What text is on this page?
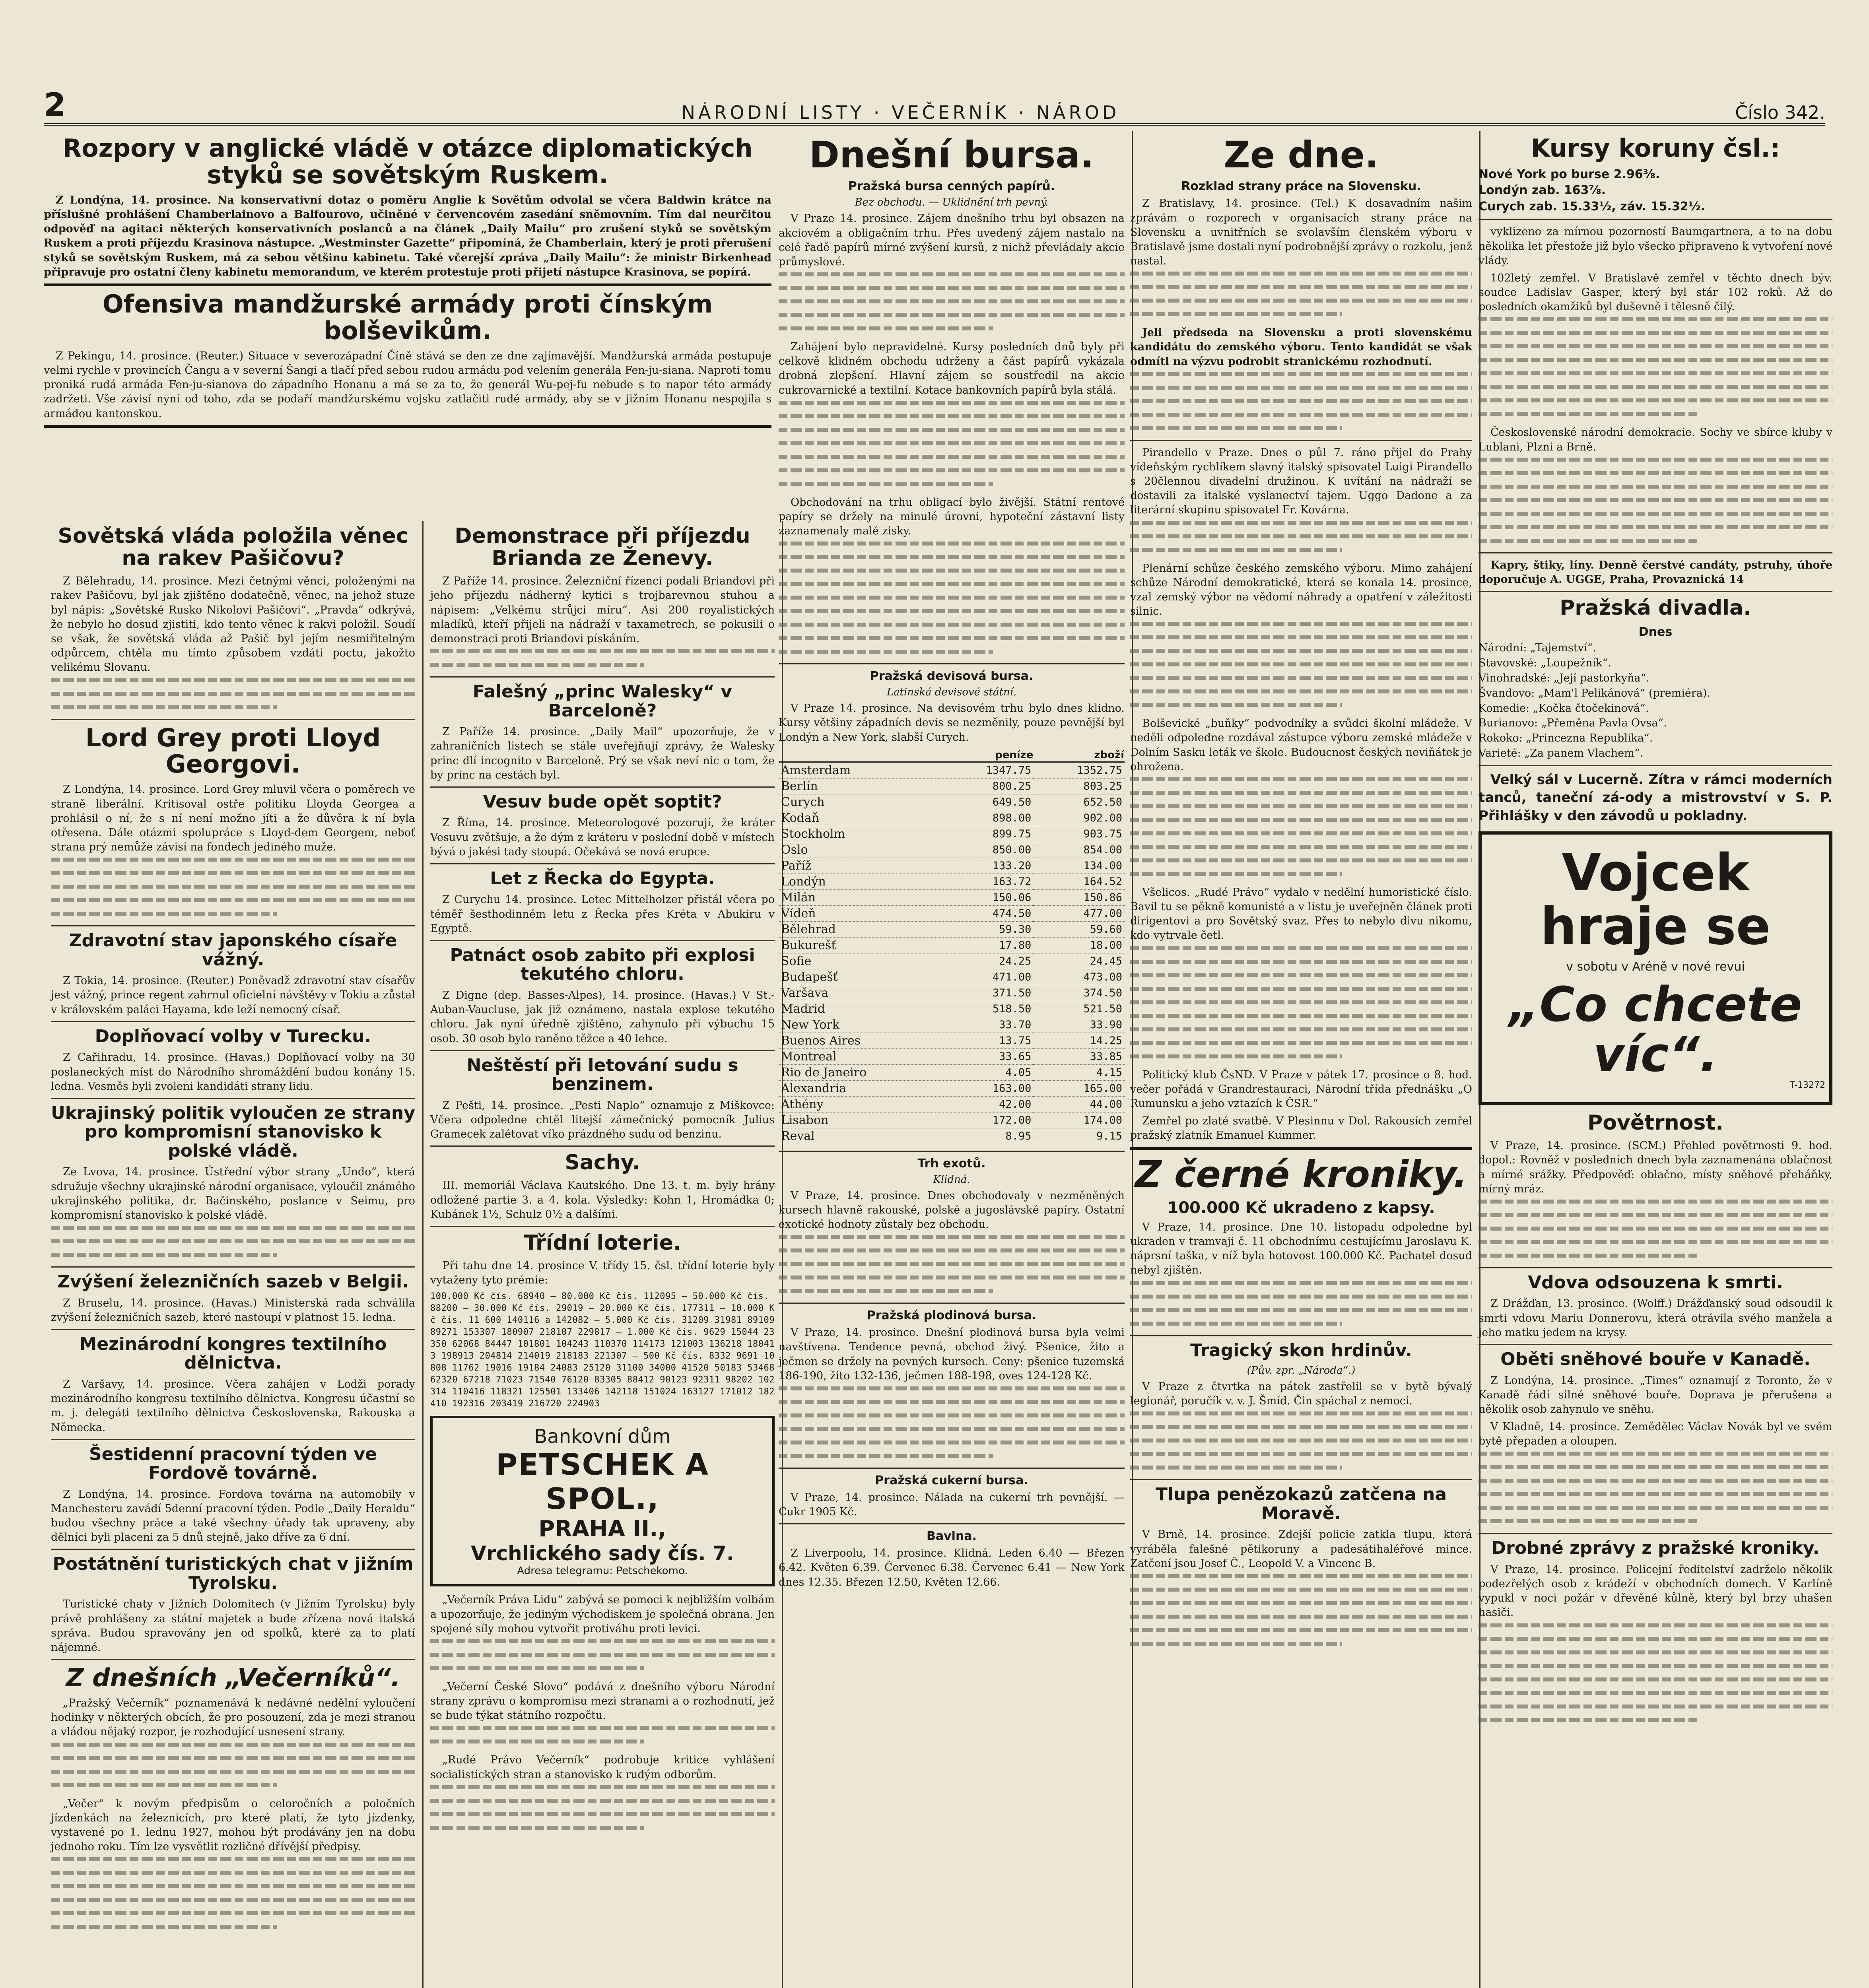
2	NÁRODNÍ LISTY · VEČERNÍK · NÁROD	Číslo 342.
Rozpory v anglické vládě v otázce diplomatických styků se sovětským Ruskem.

Z Londýna, 14. prosince. Na konservativní dotaz o poměru Anglie k Sovětům odvolal se včera Baldwin krátce na příslušné prohlášení Chamberlainovo a Balfourovo, učiněné v červencovém zasedání sněmovním. Tím dal neurčitou odpověď na agitaci některých konservativních poslanců a na článek „Daily Mailu“ pro zrušení styků se sovětským Ruskem a proti příjezdu Krasinova nástupce. „Westminster Gazette“ připomíná, že Chamberlain, který je proti přerušení styků se sovětským Ruskem, má za sebou většinu kabinetu. Také včerejší zpráva „Daily Mailu“: že ministr Birkenhead připravuje pro ostatní členy kabinetu memorandum, ve kterém protestuje proti přijetí nástupce Krasinova, se popírá.

Ofensiva mandžurské armády proti čínským bolševikům.

Z Pekingu, 14. prosince. (Reuter.) Situace v severozápadní Číně stává se den ze dne zajímavější. Mandžurská armáda postupuje velmi rychle v provincích Čangu a v severní Šangi a tlačí před sebou rudou armádu pod velením generála Fen-ju-siana. Naproti tomu proniká rudá armáda Fen-ju-sianova do západního Honanu a má se za to, že generál Wu-pej-fu nebude s to napor této armády zadržeti. Vše závisí nyní od toho, zda se podaří mandžurskému vojsku zatlačiti rudé armády, aby se v jižním Honanu nespojila s armádou kantonskou.

Sovětská vláda položila věnec na rakev Pašičovu?

Z Bělehradu, 14. prosince. Mezi četnými věnci, položenými na rakev Pašičovu, byl jak zjištěno dodatečně, věnec, na jehož stuze byl nápis: „Sovětské Rusko Nikolovi Pašičovi“. „Pravda“ odkrývá, že nebylo ho dosud zjistiti, kdo tento věnec k rakvi položil. Soudí se však, že sovětská vláda až Pašič byl jejím nesmiřitelným odpůrcem, chtěla mu tímto způsobem vzdáti poctu, jakožto velikému Slovanu.

Lord Grey proti Lloyd Georgovi.

Z Londýna, 14. prosince. Lord Grey mluvil včera o poměrech ve straně liberální. Kritisoval ostře politiku Lloyda Georgea a prohlásil o ní, že s ní není možno jíti a že důvěra k ní byla otřesena. Dále otázmi spolupráce s Lloyd-dem Georgem, neboť strana prý nemůže závisí na fondech jediného muže.

Zdravotní stav japonského císaře vážný.

Z Tokia, 14. prosince. (Reuter.) Poněvadž zdravotní stav císařův jest vážný, prince regent zahrnul oficielní návštěvy v Tokiu a zůstal v královském paláci Hayama, kde leží nemocný císař.

Doplňovací volby v Turecku.

Z Cařihradu, 14. prosince. (Havas.) Doplňovací volby na 30 poslaneckých míst do Národního shromáždění budou konány 15. ledna. Vesměs byli zvoleni kandidáti strany lidu.

Ukrajinský politik vyloučen ze strany pro kompromisní stanovisko k polské vládě.

Ze Lvova, 14. prosince. Ústřední výbor strany „Undo“, která sdružuje všechny ukrajinské národní organisace, vyloučil známého ukrajinského politika, dr. Bačinského, poslance v Seimu, pro kompromisní stanovisko k polské vládě.

Zvýšení železničních sazeb v Belgii.

Z Bruselu, 14. prosince. (Havas.) Ministerská rada schválila zvýšení železničních sazeb, které nastoupí v platnost 15. ledna.

Mezinárodní kongres textilního dělnictva.

Z Varšavy, 14. prosince. Včera zahájen v Lodži porady mezinárodního kongresu textilního dělnictva. Kongresu účastní se m. j. delegáti textilního dělnictva Československa, Rakouska a Německa.

Šestidenní pracovní týden ve Fordově továrně.

Z Londýna, 14. prosince. Fordova továrna na automobily v Manchesteru zavádí 5denní pracovní týden. Podle „Daily Heraldu“ budou všechny práce a také všechny úřady tak upraveny, aby dělníci byli placeni za 5 dnů stejně, jako dříve za 6 dní.

Postátnění turistických chat v jižním Tyrolsku.

Turistické chaty v Jižních Dolomitech (v Jižním Tyrolsku) byly právě prohlášeny za státní majetek a bude zřízena nová italská správa. Budou spravovány jen od spolků, které za to platí nájemné.

Z dnešních „Večerníků“.

„Pražský Večerník“ poznamenává k nedávné nedělní vyloučení hodinky v některých obcích, že pro posouzení, zda je mezi stranou a vládou nějaký rozpor, je rozhodující usnesení strany.

„Večer“ k novým předpisům o celoročních a poločních jízdenkách na železnicích, pro které platí, že tyto jízdenky, vystavené po 1. lednu 1927, mohou být prodávány jen na dobu jednoho roku. Tím lze vysvětlit rozličné dřívější předpisy.

Demonstrace při příjezdu Brianda ze Ženevy.

Z Paříže 14. prosince. Železniční řízenci podali Briandovi při jeho příjezdu nádherný kytici s trojbarevnou stuhou a nápisem: „Velkému strůjci míru“. Asi 200 royalistických mladíků, kteří přijeli na nádraží v taxametrech, se pokusili o demonstraci proti Briandovi pískáním.

Falešný „princ Walesky“ v Barceloně?

Z Paříže 14. prosince. „Daily Mail“ upozorňuje, že v zahraničních listech se stále uveřejňují zprávy, že Walesky princ dlí incognito v Barceloně. Prý se však neví nic o tom, že by princ na cestách byl.

Vesuv bude opět soptit?

Z Říma, 14. prosince. Meteorologové pozorují, že kráter Vesuvu zvětšuje, a že dým z kráteru v poslední době v místech bývá o jakési tady stoupá. Očekává se nová erupce.

Let z Řecka do Egypta.

Z Curychu 14. prosince. Letec Mittelholzer přistál včera po téměř šesthodinném letu z Řecka přes Kréta v Abukiru v Egyptě.

Patnáct osob zabito při explosi tekutého chloru.

Z Digne (dep. Basses-Alpes), 14. prosince. (Havas.) V St.-Auban-Vaucluse, jak již oznámeno, nastala explose tekutého chloru. Jak nyní úředně zjištěno, zahynulo při výbuchu 15 osob. 30 osob bylo raněno těžce a 40 lehce.

Neštěstí při letování sudu s benzinem.

Z Pešti, 14. prosince. „Pesti Naplo“ oznamuje z Miškovce: Včera odpoledne chtěl litejší zámečnický pomocník Julius Gramecek zalétovat víko prázdného sudu od benzinu.

Sachy.

III. memoriál Václava Kautského. Dne 13. t. m. byly hrány odložené partie 3. a 4. kola. Výsledky: Kohn 1, Hromádka 0; Kubánek 1½, Schulz 0½ a dalšími.

Třídní loterie.

Při tahu dne 14. prosince V. třídy 15. čsl. třídní loterie byly vytaženy tyto prémie:

100.000 Kč čís. 68940 — 80.000 Kč čís. 112095 — 50.000 Kč čís. 88200 — 30.000 Kč čís. 29019 — 20.000 Kč čís. 177311 — 10.000 Kč čís. 11 600 140116 a 142082 — 5.000 Kč čís. 31209 31981 89109 89271 153307 180907 218107 229817 — 1.000 Kč čís. 9629 15044 23350 62068 84447 101801 104243 110370 114173 121003 136218 180413 198913 204814 214019 218183 221307 — 500 Kč čís. 8332 9691 10808 11762 19016 19184 24083 25120 31100 34000 41520 50183 53468 62320 67218 71023 71540 76120 83305 88412 90123 92311 98202 102314 110416 118321 125501 133406 142118 151024 163127 171012 182410 192316 203419 216720 224903
Bankovní dům
PETSCHEK A SPOL.,
PRAHA II.,
Vrchlického sady čís. 7.
Adresa telegramu: Petschekomo.

„Večerník Práva Lidu“ zabývá se pomoci k nejbližším volbám a upozorňuje, že jediným východiskem je společná obrana. Jen spojené síly mohou vytvořit protiváhu proti levici.

„Večerní České Slovo“ podává z dnešního výboru Národní strany zprávu o kompromisu mezi stranami a o rozhodnutí, jež se bude týkat státního rozpočtu.

„Rudé Právo Večerník“ podrobuje kritice vyhlášení socialistických stran a stanovisko k rudým odborům.

Dnešní bursa.
Pražská bursa cenných papírů.
Bez obchodu. — Uklidnění trh pevný.

V Praze 14. prosince. Zájem dnešního trhu byl obsazen na akciovém a obligačním trhu. Přes uvedený zájem nastalo na celé řadě papírů mírné zvýšení kursů, z nichž převládaly akcie průmyslové.

Zahájení bylo nepravidelné. Kursy posledních dnů byly při celkově klidném obchodu udrženy a část papírů vykázala drobná zlepšení. Hlavní zájem se soustředil na akcie cukrovarnické a textilní. Kotace bankovních papírů byla stálá.

Obchodování na trhu obligací bylo živější. Státní rentové papíry se držely na minulé úrovni, hypoteční zástavní listy zaznamenaly malé zisky.

Pražská devisová bursa.
Latinská devisové státní.

V Praze 14. prosince. Na devisovém trhu bylo dnes klidno. Kursy většiny západních devis se nezměnily, pouze pevnější byl Londýn a New York, slabší Curych.

	peníze	zboží
Amsterdam	1347.75	1352.75
Berlín	800.25	803.25
Curych	649.50	652.50
Kodaň	898.00	902.00
Stockholm	899.75	903.75
Oslo	850.00	854.00
Paříž	133.20	134.00
Londýn	163.72	164.52
Milán	150.06	150.86
Vídeň	474.50	477.00
Bělehrad	59.30	59.60
Bukurešť	17.80	18.00
Sofie	24.25	24.45
Budapešť	471.00	473.00
Varšava	371.50	374.50
Madrid	518.50	521.50
New York	33.70	33.90
Buenos Aires	13.75	14.25
Montreal	33.65	33.85
Rio de Janeiro	4.05	4.15
Alexandria	163.00	165.00
Athény	42.00	44.00
Lisabon	172.00	174.00
Reval	8.95	9.15
Trh exotů.
Klidná.

V Praze, 14. prosince. Dnes obchodovaly v nezměněných kursech hlavně rakouské, polské a jugoslávské papíry. Ostatní exotické hodnoty zůstaly bez obchodu.

Pražská plodinová bursa.

V Praze, 14. prosince. Dnešní plodinová bursa byla velmi navštívena. Tendence pevná, obchod živý. Pšenice, žito a ječmen se držely na pevných kursech. Ceny: pšenice tuzemská 186-190, žito 132-136, ječmen 188-198, oves 124-128 Kč.

Pražská cukerní bursa.

V Praze, 14. prosince. Nálada na cukerní trh pevnější. — Cukr 1905 Kč.

Bavlna.

Z Liverpoolu, 14. prosince. Klidná. Leden 6.40 — Březen 6.42. Květen 6.39. Červenec 6.38. Červenec 6.41 — New York dnes 12.35. Březen 12.50, Květen 12.66.

Ze dne.
Rozklad strany práce na Slovensku.

Z Bratislavy, 14. prosince. (Tel.) K dosavadním našim zprávám o rozporech v organisacích strany práce na Slovensku a uvnitřních se svolavším členském výboru v Bratislavě jsme dostali nyní podrobnější zprávy o rozkolu, jenž nastal.

Jeli předseda na Slovensku a proti slovenskému kandidátu do zemského výboru. Tento kandidát se však odmítl na výzvu podrobit stranickému rozhodnutí.

Pirandello v Praze. Dnes o půl 7. ráno přijel do Prahy vídeňským rychlíkem slavný italský spisovatel Luigi Pirandello s 20člennou divadelní družinou. K uvítání na nádraží se dostavili za italské vyslanectví tajem. Uggo Dadone a za literární skupinu spisovatel Fr. Kovárna.

Plenární schůze českého zemského výboru. Mimo zahájení schůze Národní demokratické, která se konala 14. prosince, vzal zemský výbor na vědomí náhrady a opatření v záležitosti silnic.

Bolševické „buňky“ podvodníky a svůdci školní mládeže. V neděli odpoledne rozdával zástupce výboru zemské mládeže v Dolním Sasku leták ve škole. Budoucnost českých neviňátek je ohrožena.

Všelicos. „Rudé Právo“ vydalo v nedělní humoristické číslo. Bavil tu se pěkně komunisté a v listu je uveřejněn článek proti dirigentovi a pro Sovětský svaz. Přes to nebylo divu nikomu, kdo vytrvale četl.

Politický klub ČsND. V Praze v pátek 17. prosince o 8. hod. večer pořádá v Grandrestauraci, Národní třída přednášku „O Rumunsku a jeho vztazích k ČSR.“

Zemřel po zlaté svatbě. V Plesinnu v Dol. Rakousích zemřel pražský zlatník Emanuel Kummer.

Z černé kroniky.
100.000 Kč ukradeno z kapsy.

V Praze, 14. prosince. Dne 10. listopadu odpoledne byl ukraden v tramvaji č. 11 obchodnímu cestujícímu Jaroslavu K. náprsní taška, v níž byla hotovost 100.000 Kč. Pachatel dosud nebyl zjištěn.

Tragický skon hrdinův.
(Pův. zpr. „Národa“.)

V Praze z čtvrtka na pátek zastřelil se v bytě bývalý legionář, poručík v. v. J. Šmíd. Čin spáchal z nemoci.

Tlupa penězokazů zatčena na Moravě.

V Brně, 14. prosince. Zdejší policie zatkla tlupu, která vyráběla falešné pětikoruny a padesátihaléřové mince. Zatčení jsou Josef Č., Leopold V. a Vincenc B.

Kursy koruny čsl.:
Nové York po burse 2.96⅜.
Londýn zab. 163⅞.
Curych zab. 15.33½, záv. 15.32½.

vyklizeno za mírnou pozorností Baumgartnera, a to na dobu několika let přestože již bylo všecko připraveno k vytvoření nové vlády.

102letý zemřel. V Bratislavě zemřel v těchto dnech býv. soudce Ladislav Gasper, který byl stár 102 roků. Až do posledních okamžiků byl duševně i tělesně čilý.

Československé národní demokracie. Sochy ve sbírce kluby v Lublani, Plzni a Brně.

Kapry, štiky, líny. Denně čerstvé candáty, pstruhy, úhoře doporučuje A. UGGE, Praha, Provaznická 14

Pražská divadla.
Dnes
Národní: „Tajemství“.
Stavovské: „Loupežník“.
Vinohradské: „Její pastorkyňa“.
Švandovo: „Mam'l Pelikánová“ (premiéra).
Komedie: „Kočka čtočekinová“.
Burianovo: „Přeměna Pavla Ovsa“.
Rokoko: „Princezna Republika“.
Varieté: „Za panem Vlachem“.

Velký sál v Lucerně. Zítra v rámci moderních tanců, taneční zá-ody a mistrovství v S. P. Přihlášky v den závodů u pokladny.

Vojcek hraje se
v sobotu v Aréně v nové revui
„Co chcete víc“.
T-13272
Povětrnost.

V Praze, 14. prosince. (SCM.) Přehled povětrnosti 9. hod. dopol.: Rovněž v posledních dnech byla zaznamenána oblačnost a mírné srážky. Předpověď: oblačno, místy sněhové přeháňky, mírný mráz.

Vdova odsouzena k smrti.

Z Drážďan, 13. prosince. (Wolff.) Drážďanský soud odsoudil k smrti vdovu Mariu Donnerovu, která otrávila svého manžela a jeho matku jedem na krysy.

Oběti sněhové bouře v Kanadě.

Z Londýna, 14. prosince. „Times“ oznamují z Toronto, že v Kanadě řádí silné sněhové bouře. Doprava je přerušena a několik osob zahynulo ve sněhu.

V Kladně, 14. prosince. Zemědělec Václav Novák byl ve svém bytě přepaden a oloupen.

Drobné zprávy z pražské kroniky.

V Praze, 14. prosince. Policejní ředitelství zadrželo několik podezřelých osob z krádeží v obchodních domech. V Karlíně vypukl v noci požár v dřevěné kůlně, který byl brzy uhašen hasiči.
